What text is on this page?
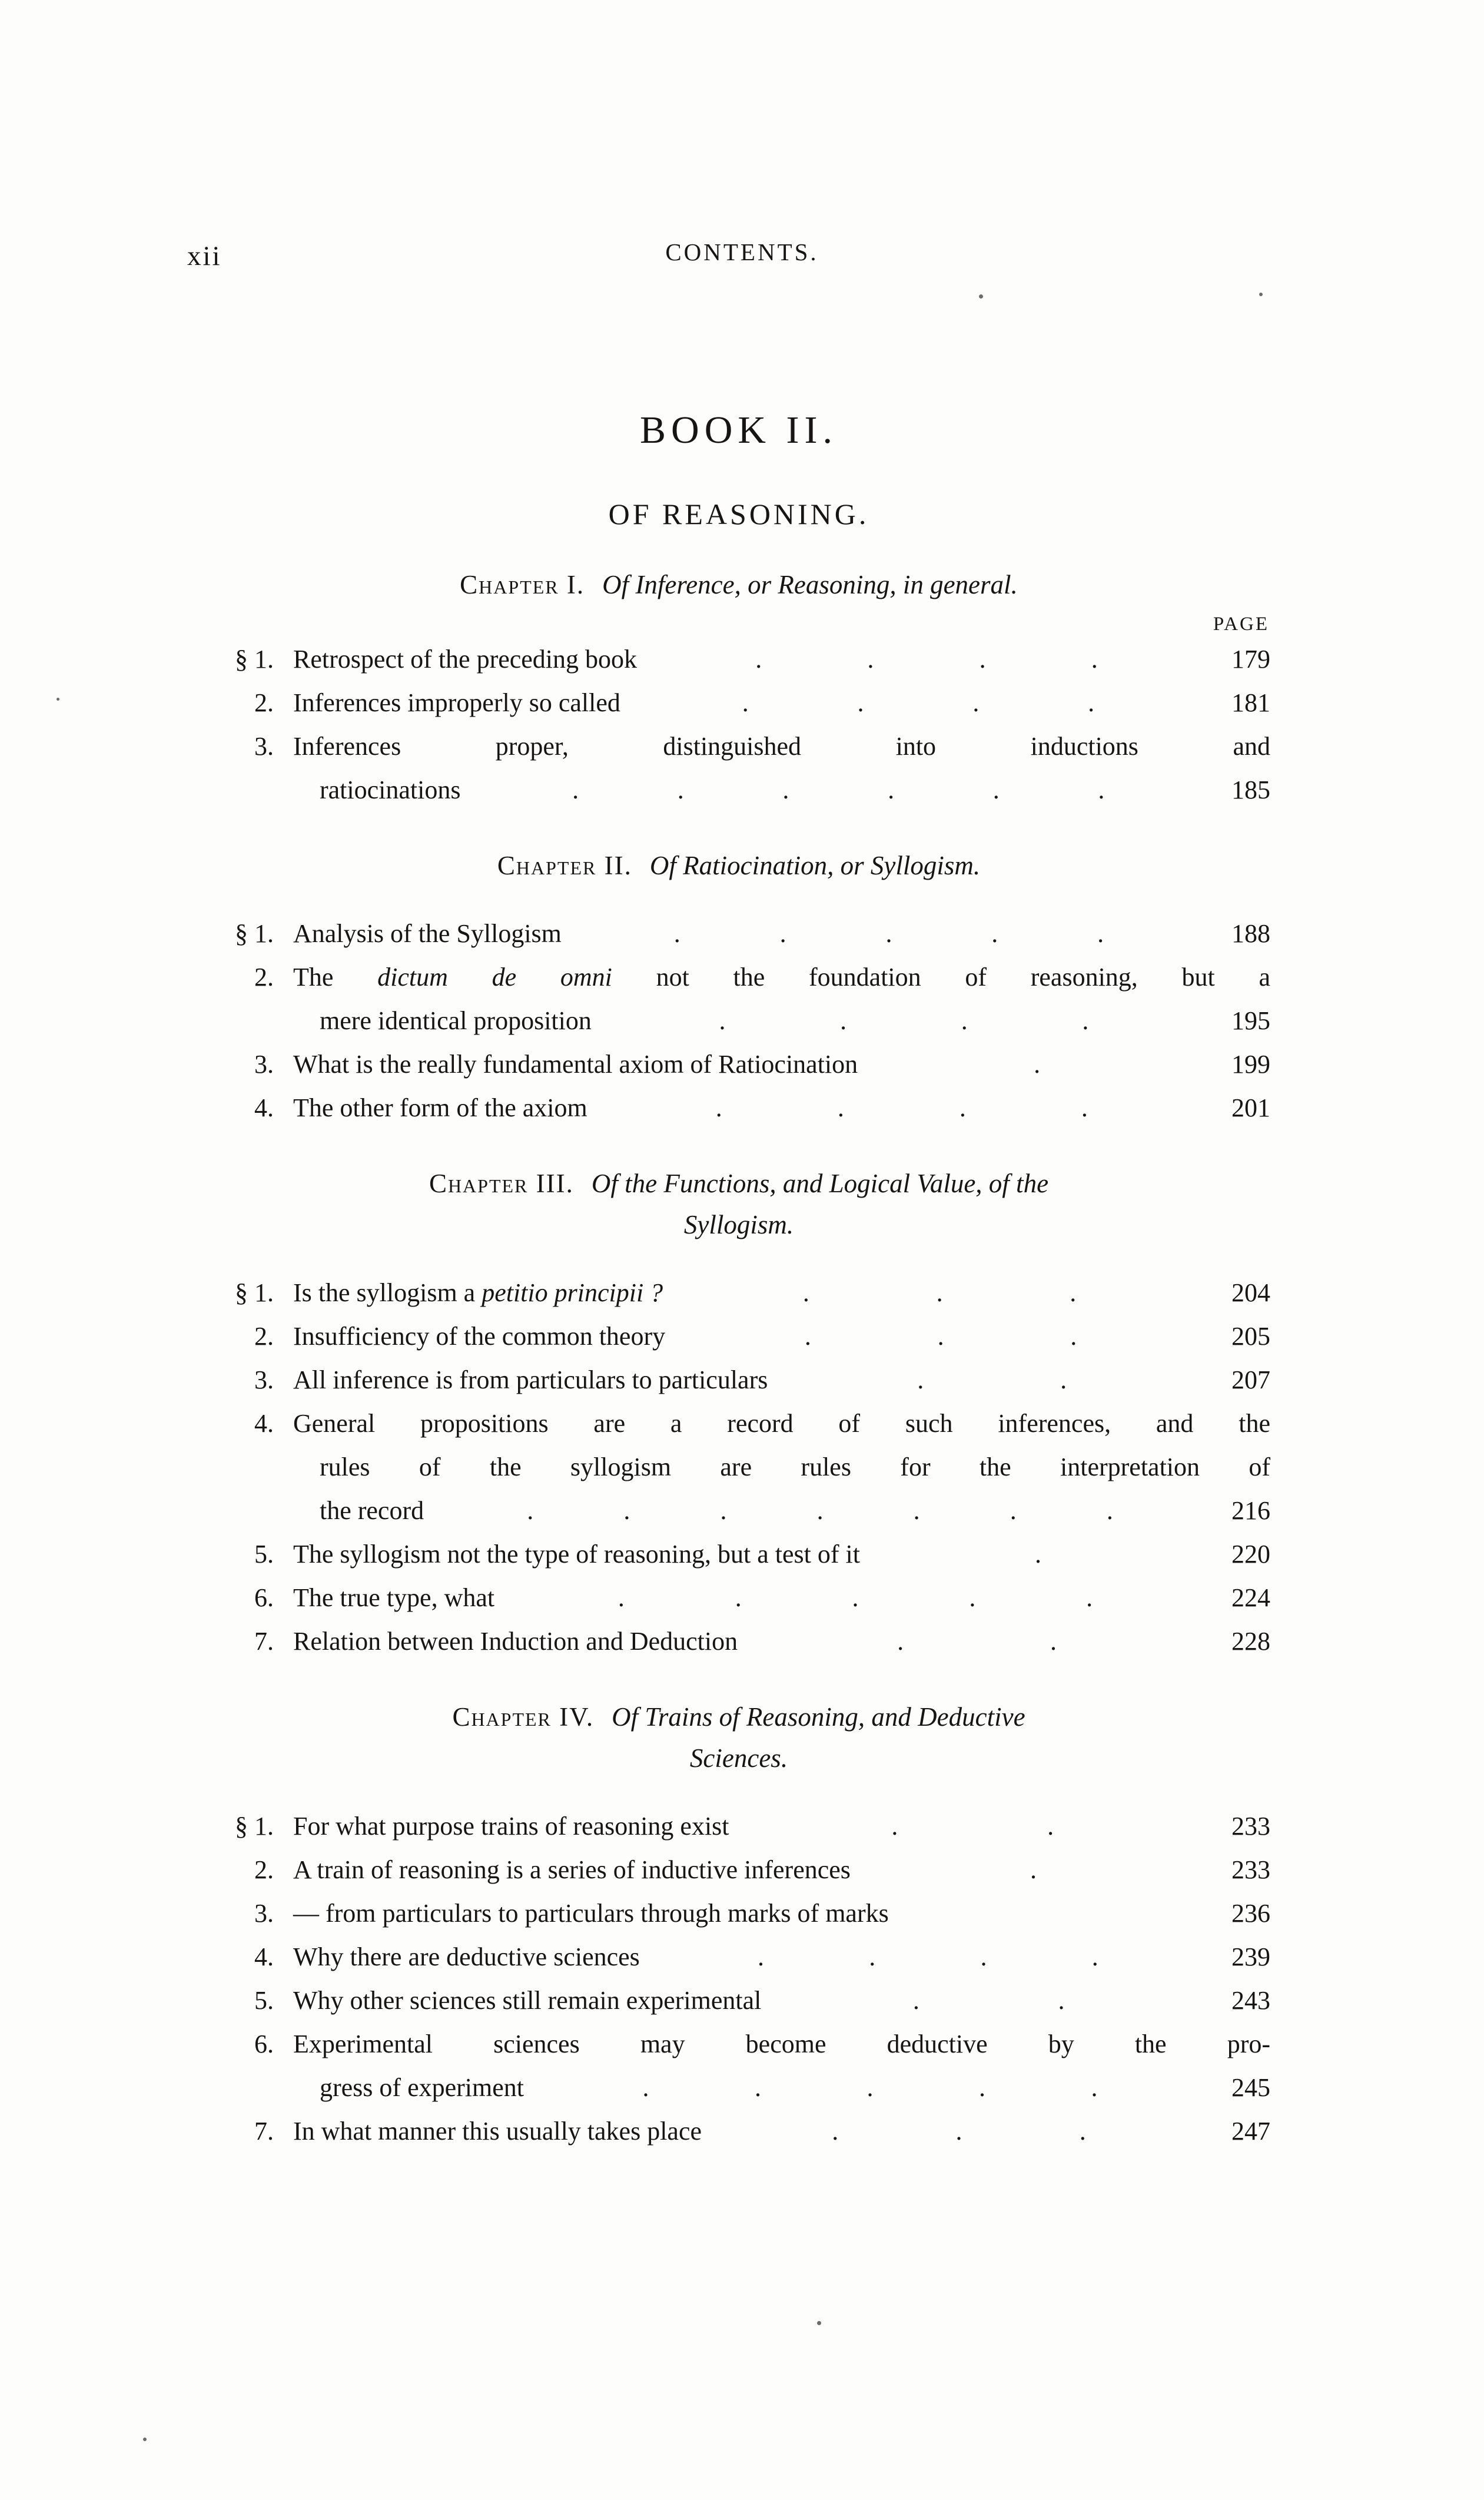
xii	CONTENTS.
BOOK II.
OF REASONING.
Chapter I. Of Inference, or Reasoning, in general.
PAGE
§ 1. Retrospect of the preceding book	.	.	.	.	179
2. Inferences improperly so called	.	.	.	.	181
3. Inferences proper, distinguished into inductions and
ratiocinations	.	.	.	.	.	.	185
Chapter II. Of Ratiocination, or Syllogism.
§ 1. Analysis of the Syllogism	.	.	.	.	.	188
2. The dictum de omni not the foundation of reasoning, but a
mere identical proposition	.	.	.	.	195
3. What is the really fundamental axiom of Ratiocination	.	199
4. The other form of the axiom	.	.	.	.	201
Chapter III. Of the Functions, and Logical Value, of the
Syllogism.
§ 1. Is the syllogism a petitio principii ?	.	.	.	204
2. Insufficiency of the common theory	.	.	.	205
3. All inference is from particulars to particulars	.	.	207
4. General propositions are a record of such inferences, and the
rules of the syllogism are rules for the interpretation of
the record	.	.	.	.	.	.	.	216
5. The syllogism not the type of reasoning, but a test of it	.	220
6. The true type, what	.	.	.	.	.	224
7. Relation between Induction and Deduction	.	.	228
Chapter IV. Of Trains of Reasoning, and Deductive
Sciences.
§ 1. For what purpose trains of reasoning exist	.	.	233
2. A train of reasoning is a series of inductive inferences	.	233
3. — from particulars to particulars through marks of marks	236
4. Why there are deductive sciences	.	.	.	.	239
5. Why other sciences still remain experimental	.	.	243
6. Experimental sciences may become deductive by the pro-
gress of experiment	.	.	.	.	.	245
7. In what manner this usually takes place	.	.	.	247
